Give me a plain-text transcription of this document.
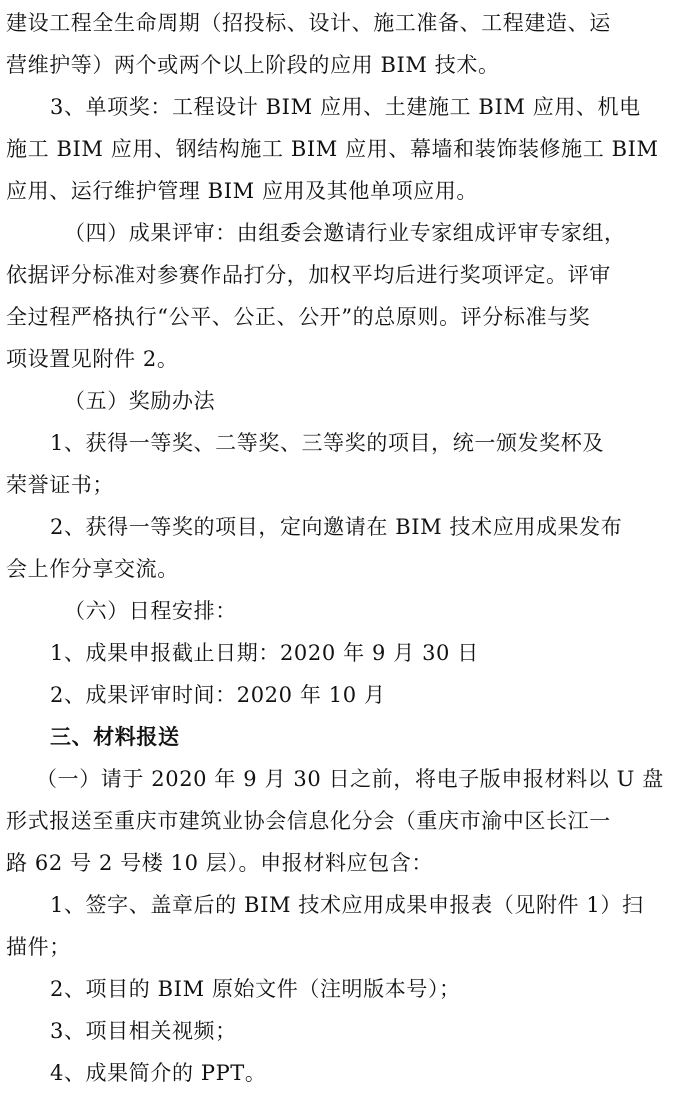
建设工程全生命周期（招投标、设计、施工准备、工程建造、运
营维护等）两个或两个以上阶段的应用 BIM 技术。
3、单项奖：工程设计 BIM 应用、土建施工 BIM 应用、机电
施工 BIM 应用、钢结构施工 BIM 应用、幕墙和装饰装修施工 BIM
应用、运行维护管理 BIM 应用及其他单项应用。
（四）成果评审：由组委会邀请行业专家组成评审专家组，
依据评分标准对参赛作品打分，加权平均后进行奖项评定。评审
全过程严格执行“公平、公正、公开”的总原则。评分标准与奖
项设置见附件 2。
（五）奖励办法
1、获得一等奖、二等奖、三等奖的项目，统一颁发奖杯及
荣誉证书；
2、获得一等奖的项目，定向邀请在 BIM 技术应用成果发布
会上作分享交流。
（六）日程安排：
1、成果申报截止日期：2020 年 9 月 30 日
2、成果评审时间：2020 年 10 月
三、材料报送
（一）请于 2020 年 9 月 30 日之前，将电子版申报材料以 U 盘
形式报送至重庆市建筑业协会信息化分会（重庆市渝中区长江一
路 62 号 2 号楼 10 层）。申报材料应包含：
1、签字、盖章后的 BIM 技术应用成果申报表（见附件 1）扫
描件；
2、项目的 BIM 原始文件（注明版本号）；
3、项目相关视频；
4、成果简介的 PPT。
